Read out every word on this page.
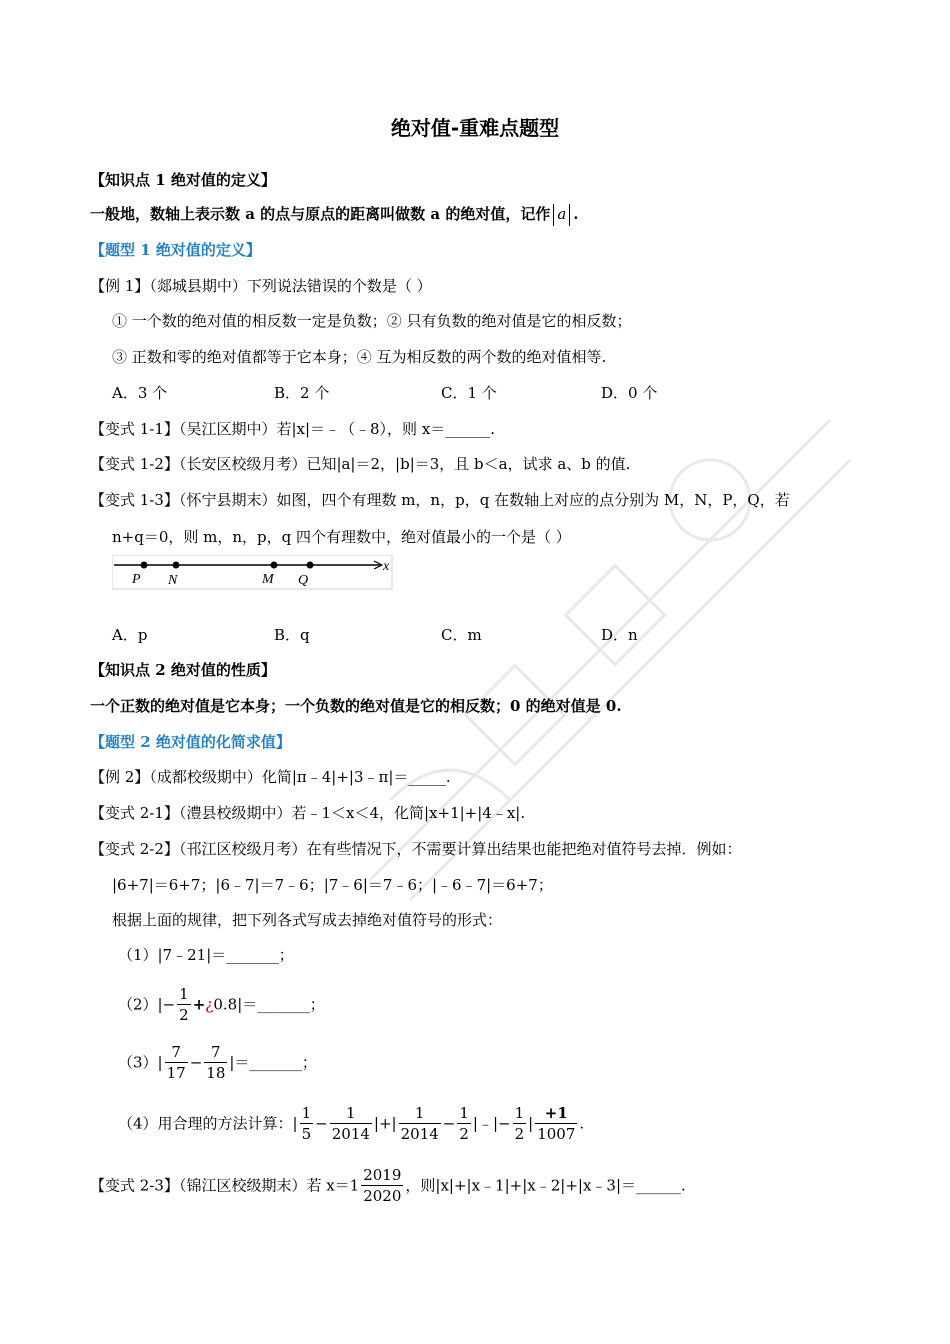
绝对值-重难点题型
【知识点 1 绝对值的定义】
一般地，数轴上表示数 a 的点与原点的距离叫做数 a 的绝对值，记作 a .
【题型 1 绝对值的定义】
【例 1】（郯城县期中）下列说法错误的个数是（ ）
① 一个数的绝对值的相反数一定是负数；② 只有负数的绝对值是它的相反数；
③ 正数和零的绝对值都等于它本身；④ 互为相反数的两个数的绝对值相等.
A．3 个	B．2 个	C．1 个	D．0 个
【变式 1-1】（吴江区期中）若|x|＝﹣（﹣8），则 x＝______.
【变式 1-2】（长安区校级月考）已知|a|＝2，|b|＝3，且 b＜a，试求 a、b 的值.
【变式 1-3】（怀宁县期末）如图，四个有理数 m，n，p，q 在数轴上对应的点分别为 M，N，P，Q，若
n+q＝0，则 m，n，p，q 四个有理数中，绝对值最小的一个是（ ）
P N	M Q
x
A．p	B．q	C．m	D．n
【知识点 2 绝对值的性质】
一个正数的绝对值是它本身；一个负数的绝对值是它的相反数；0 的绝对值是 0.
【题型 2 绝对值的化简求值】
【例 2】（成都校级期中）化简|π﹣4|+|3﹣π|＝_____.
【变式 2-1】（澧县校级期中）若﹣1＜x＜4，化简|x+1|+|4﹣x|.
【变式 2-2】（邗江区校级月考）在有些情况下，不需要计算出结果也能把绝对值符号去掉．例如：
|6+7|＝6+7；|6﹣7|＝7﹣6；|7﹣6|＝7﹣6；|﹣6﹣7|＝6+7；
根据上面的规律，把下列各式写成去掉绝对值符号的形式：
（1）|7﹣21|＝_______；
$(2)|- \frac{1}{2}$ +¿0.8|＝_______；
$(3)| \frac{7}{17} - \frac{7}{18}$ |＝_______；
（4）用合理的方法计算：| $\frac{1}{5} - \frac{1}{2014}$ |+| $\frac{1}{2014} - \frac{1}{2}$ |﹣|− $\frac{1}{2}$ | $\frac{+1}{1007}$ .
【变式 2-3】（锦江区校级期末）若 $x=1 \frac{2019}{2020}$ ，则|x|+|x﹣1|+|x﹣2|+|x﹣3|＝______.
